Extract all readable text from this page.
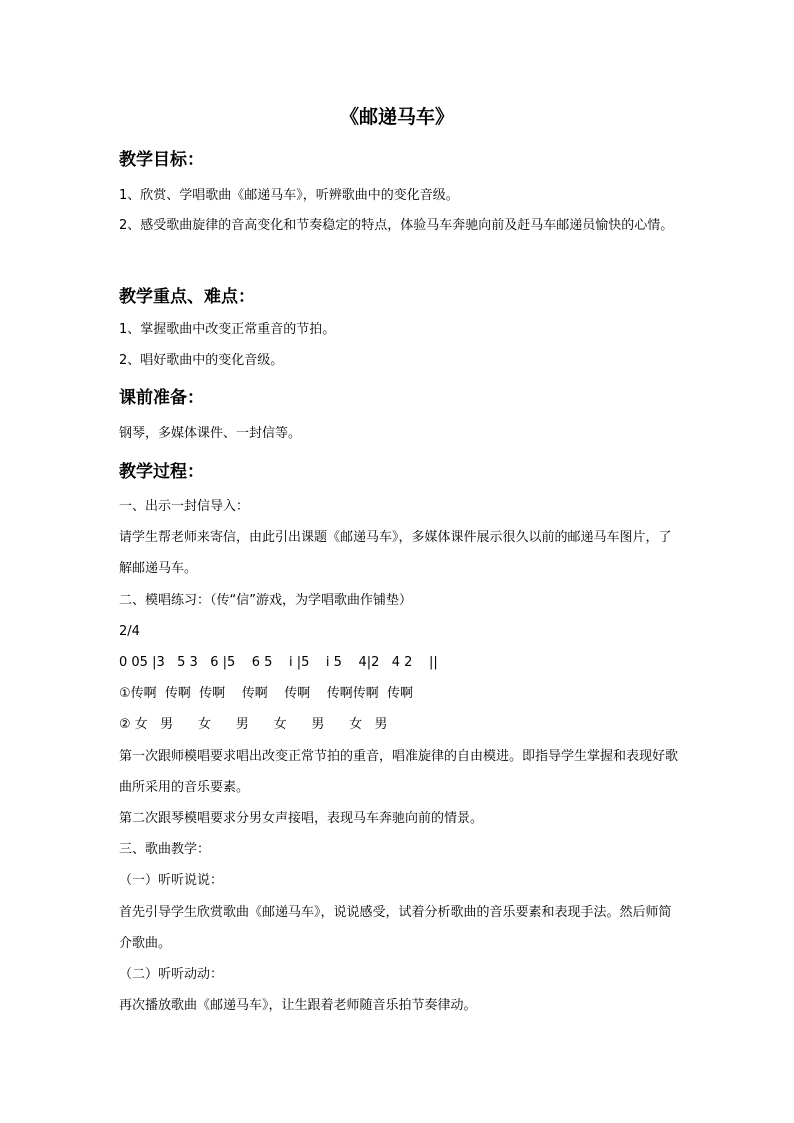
《邮递马车》
教学目标：
1、欣赏、学唱歌曲《邮递马车》，听辨歌曲中的变化音级。
2、感受歌曲旋律的音高变化和节奏稳定的特点，体验马车奔驰向前及赶马车邮递员愉快的心情。
教学重点、难点：
1、掌握歌曲中改变正常重音的节拍。
2、唱好歌曲中的变化音级。
课前准备：
钢琴，多媒体课件、一封信等。
教学过程：
一、出示一封信导入：
请学生帮老师来寄信，由此引出课题《邮递马车》，多媒体课件展示很久以前的邮递马车图片，了解邮递马车。
二、模唱练习：（传“信”游戏，为学唱歌曲作铺垫）
2/4
0 05 |3   5 3   6 |5    6 5    i |5    i 5    4|2   4 2    ||
①传啊  传啊  传啊    传啊    传啊    传啊传啊  传啊
② 女   男      女      男      女      男      女   男
第一次跟师模唱要求唱出改变正常节拍的重音，唱准旋律的自由模进。即指导学生掌握和表现好歌曲所采用的音乐要素。
第二次跟琴模唱要求分男女声接唱，表现马车奔驰向前的情景。
三、歌曲教学：
（一）听听说说：
首先引导学生欣赏歌曲《邮递马车》，说说感受，试着分析歌曲的音乐要素和表现手法。然后师简介歌曲。
（二）听听动动：
再次播放歌曲《邮递马车》，让生跟着老师随音乐拍节奏律动。
